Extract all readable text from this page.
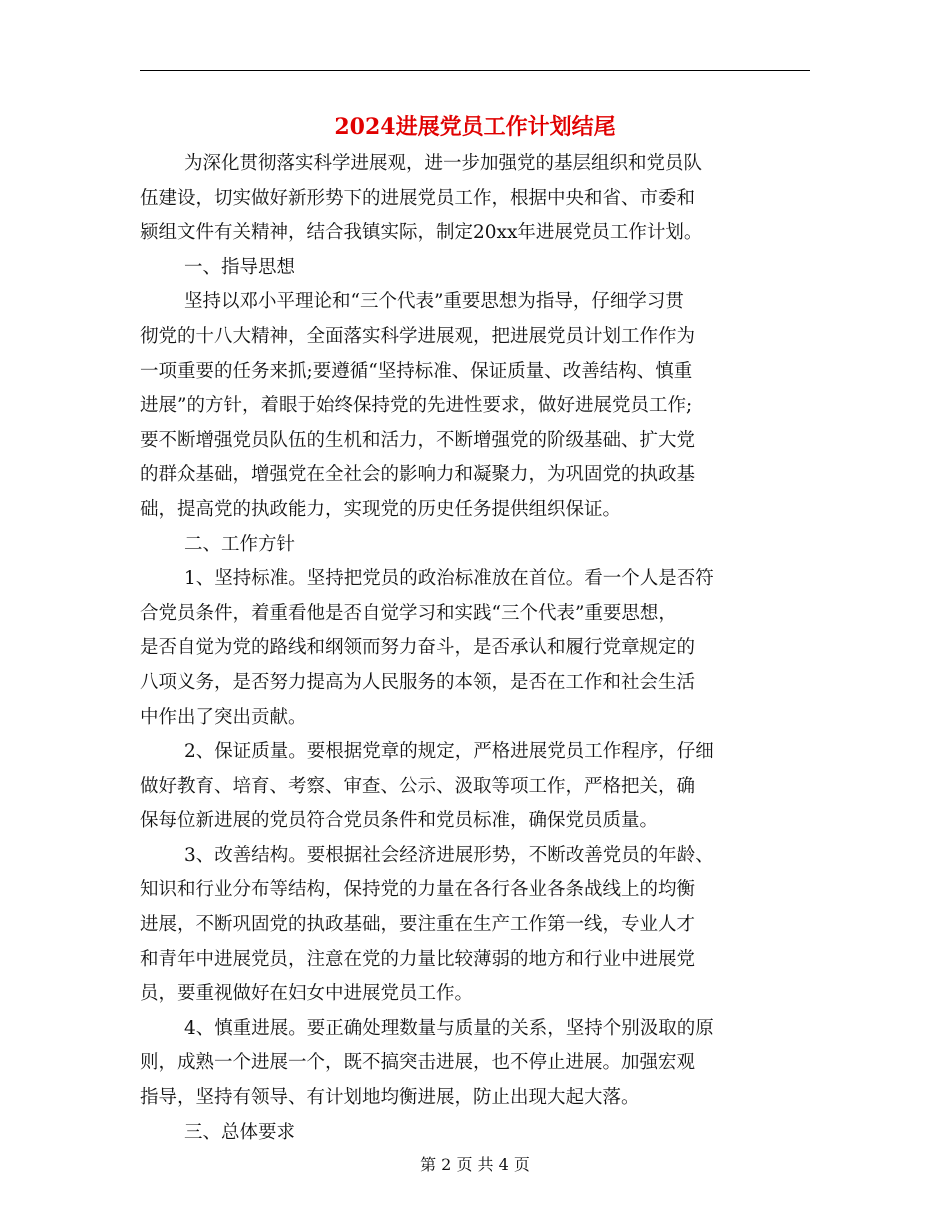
2024进展党员工作计划结尾
为深化贯彻落实科学进展观，进一步加强党的基层组织和党员队
伍建设，切实做好新形势下的进展党员工作，根据中央和省、市委和
颍组文件有关精神，结合我镇实际，制定20xx年进展党员工作计划。
一、指导思想
坚持以邓小平理论和“三个代表”重要思想为指导，仔细学习贯
彻党的十八大精神，全面落实科学进展观，把进展党员计划工作作为
一项重要的任务来抓;要遵循“坚持标准、保证质量、改善结构、慎重
进展”的方针，着眼于始终保持党的先进性要求，做好进展党员工作;
要不断增强党员队伍的生机和活力，不断增强党的阶级基础、扩大党
的群众基础，增强党在全社会的影响力和凝聚力，为巩固党的执政基
础，提高党的执政能力，实现党的历史任务提供组织保证。
二、工作方针
1、坚持标准。坚持把党员的政治标准放在首位。看一个人是否符
合党员条件，着重看他是否自觉学习和实践“三个代表”重要思想，
是否自觉为党的路线和纲领而努力奋斗，是否承认和履行党章规定的
八项义务，是否努力提高为人民服务的本领，是否在工作和社会生活
中作出了突出贡献。
2、保证质量。要根据党章的规定，严格进展党员工作程序，仔细
做好教育、培育、考察、审查、公示、汲取等项工作，严格把关，确
保每位新进展的党员符合党员条件和党员标准，确保党员质量。
3、改善结构。要根据社会经济进展形势，不断改善党员的年龄、
知识和行业分布等结构，保持党的力量在各行各业各条战线上的均衡
进展，不断巩固党的执政基础，要注重在生产工作第一线，专业人才
和青年中进展党员，注意在党的力量比较薄弱的地方和行业中进展党
员，要重视做好在妇女中进展党员工作。
4、慎重进展。要正确处理数量与质量的关系，坚持个别汲取的原
则，成熟一个进展一个，既不搞突击进展，也不停止进展。加强宏观
指导，坚持有领导、有计划地均衡进展，防止出现大起大落。
三、总体要求
第 2 页 共 4 页
